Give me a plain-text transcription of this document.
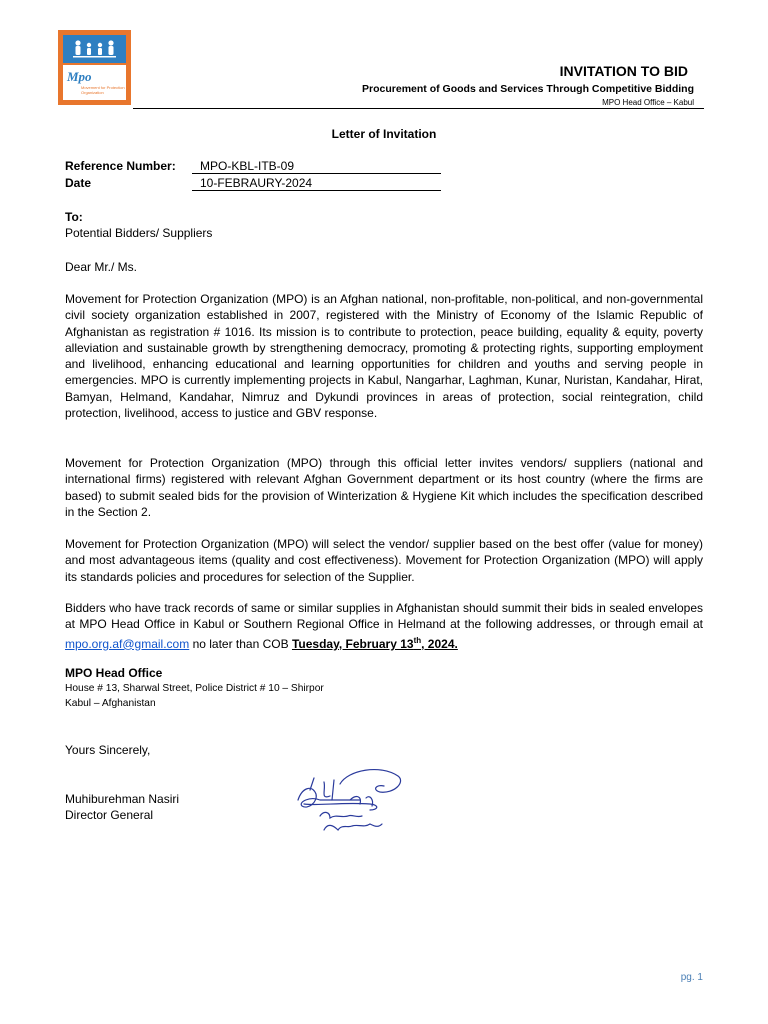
Mpo
Movement for Protection Organization
INVITATION TO BID
Procurement of Goods and Services Through Competitive Bidding
MPO Head Office – Kabul
Letter of Invitation
Reference Number:	MPO-KBL-ITB-09
Date	10-FEBRAURY-2024
To:
Potential Bidders/ Suppliers
Dear Mr./ Ms.
Movement for Protection Organization (MPO) is an Afghan national, non-profitable, non-political, and non-governmental civil society organization established in 2007, registered with the Ministry of Economy of the Islamic Republic of Afghanistan as registration # 1016. Its mission is to contribute to protection, peace building, equality & equity, poverty alleviation and sustainable growth by strengthening democracy, promoting & protecting rights, supporting employment and livelihood, enhancing educational and learning opportunities for children and youths and serving people in emergencies. MPO is currently implementing projects in Kabul, Nangarhar, Laghman, Kunar, Nuristan, Kandahar, Hirat, Bamyan, Helmand, Kandahar, Nimruz and Dykundi provinces in areas of protection, social reintegration, child protection, livelihood, access to justice and GBV response.
Movement for Protection Organization (MPO) through this official letter invites vendors/ suppliers (national and international firms) registered with relevant Afghan Government department or its host country (where the firms are based) to submit sealed bids for the provision of Winterization & Hygiene Kit which includes the specification described in the Section 2.
Movement for Protection Organization (MPO) will select the vendor/ supplier based on the best offer (value for money) and most advantageous items (quality and cost effectiveness). Movement for Protection Organization (MPO) will apply its standards policies and procedures for selection of the Supplier.
Bidders who have track records of same or similar supplies in Afghanistan should summit their bids in sealed envelopes at MPO Head Office in Kabul or Southern Regional Office in Helmand at the following addresses, or through email at mpo.org.af@gmail.com no later than COB Tuesday, February 13th, 2024.
MPO Head Office
House # 13, Sharwal Street, Police District # 10 – Shirpor
Kabul – Afghanistan
Yours Sincerely,
Muhiburehman Nasiri
Director General
pg. 1
